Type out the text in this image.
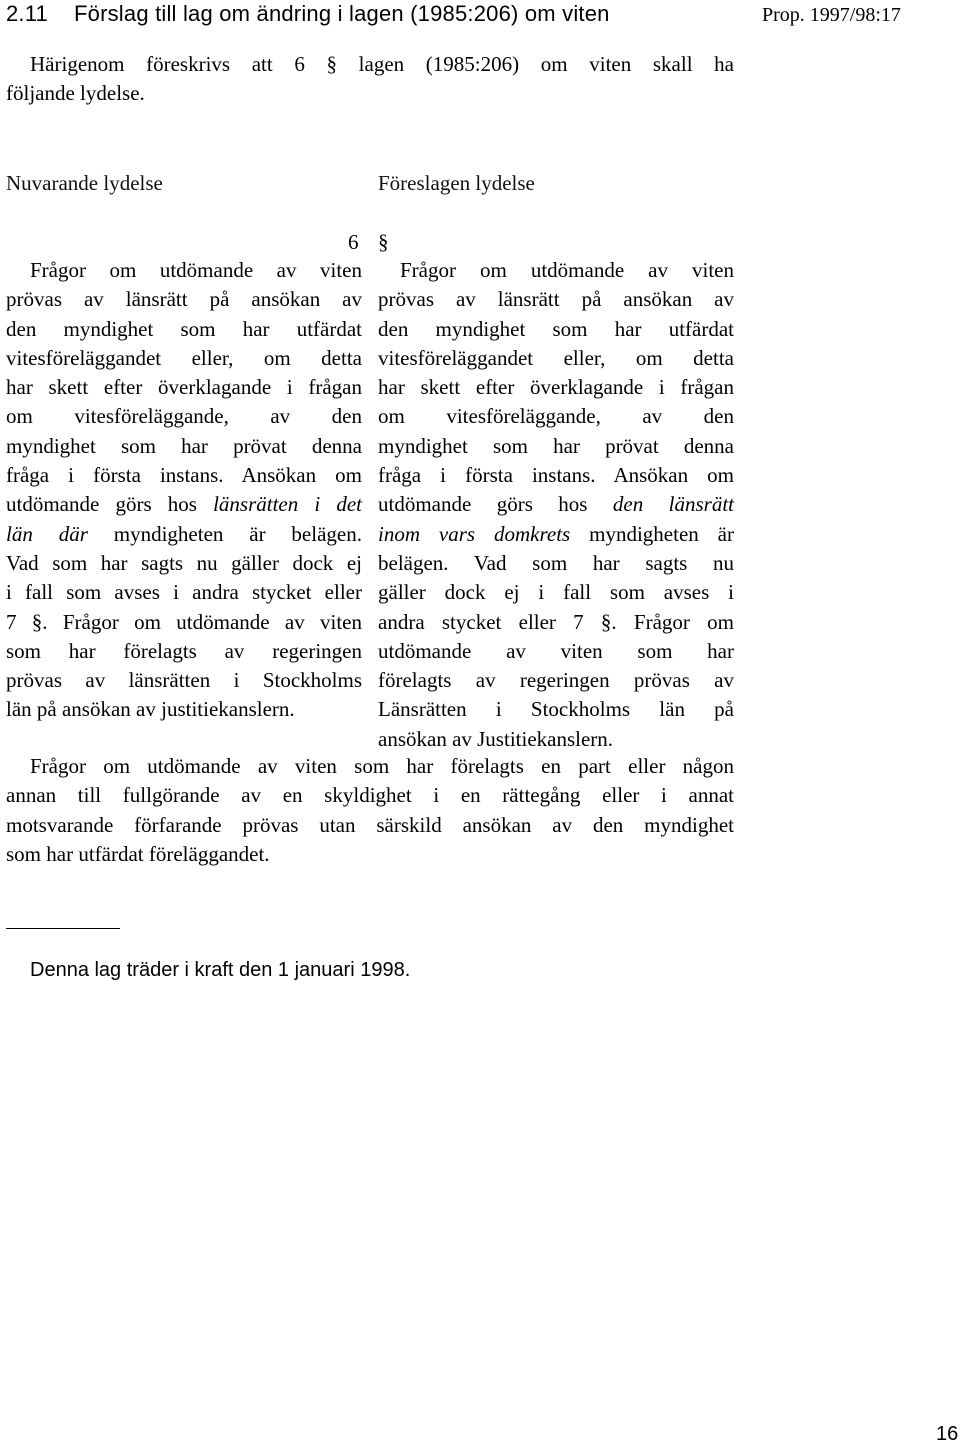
2.11 Förslag till lag om ändring i lagen (1985:206) om viten	Prop. 1997/98:17
Härigenom föreskrivs att 6 § lagen (1985:206) om viten skall ha
följande lydelse.
Nuvarande lydelse	Föreslagen lydelse
6 §
Frågor om utdömande av viten
prövas av länsrätt på ansökan av
den myndighet som har utfärdat
vitesföreläggandet eller, om detta
har skett efter överklagande i frågan
om vitesföreläggande, av den
myndighet som har prövat denna
fråga i första instans. Ansökan om
utdömande görs hos länsrätten i det
län där myndigheten är belägen.
Vad som har sagts nu gäller dock ej
i fall som avses i andra stycket eller
7 §. Frågor om utdömande av viten
som har förelagts av regeringen
prövas av länsrätten i Stockholms
län på ansökan av justitiekanslern.
Frågor om utdömande av viten
prövas av länsrätt på ansökan av
den myndighet som har utfärdat
vitesföreläggandet eller, om detta
har skett efter överklagande i frågan
om vitesföreläggande, av den
myndighet som har prövat denna
fråga i första instans. Ansökan om
utdömande görs hos den länsrätt
inom vars domkrets myndigheten är
belägen. Vad som har sagts nu
gäller dock ej i fall som avses i
andra stycket eller 7 §. Frågor om
utdömande av viten som har
förelagts av regeringen prövas av
Länsrätten i Stockholms län på
ansökan av Justitiekanslern.
Frågor om utdömande av viten som har förelagts en part eller någon
annan till fullgörande av en skyldighet i en rättegång eller i annat
motsvarande förfarande prövas utan särskild ansökan av den myndighet
som har utfärdat föreläggandet.
Denna lag träder i kraft den 1 januari 1998.
16
